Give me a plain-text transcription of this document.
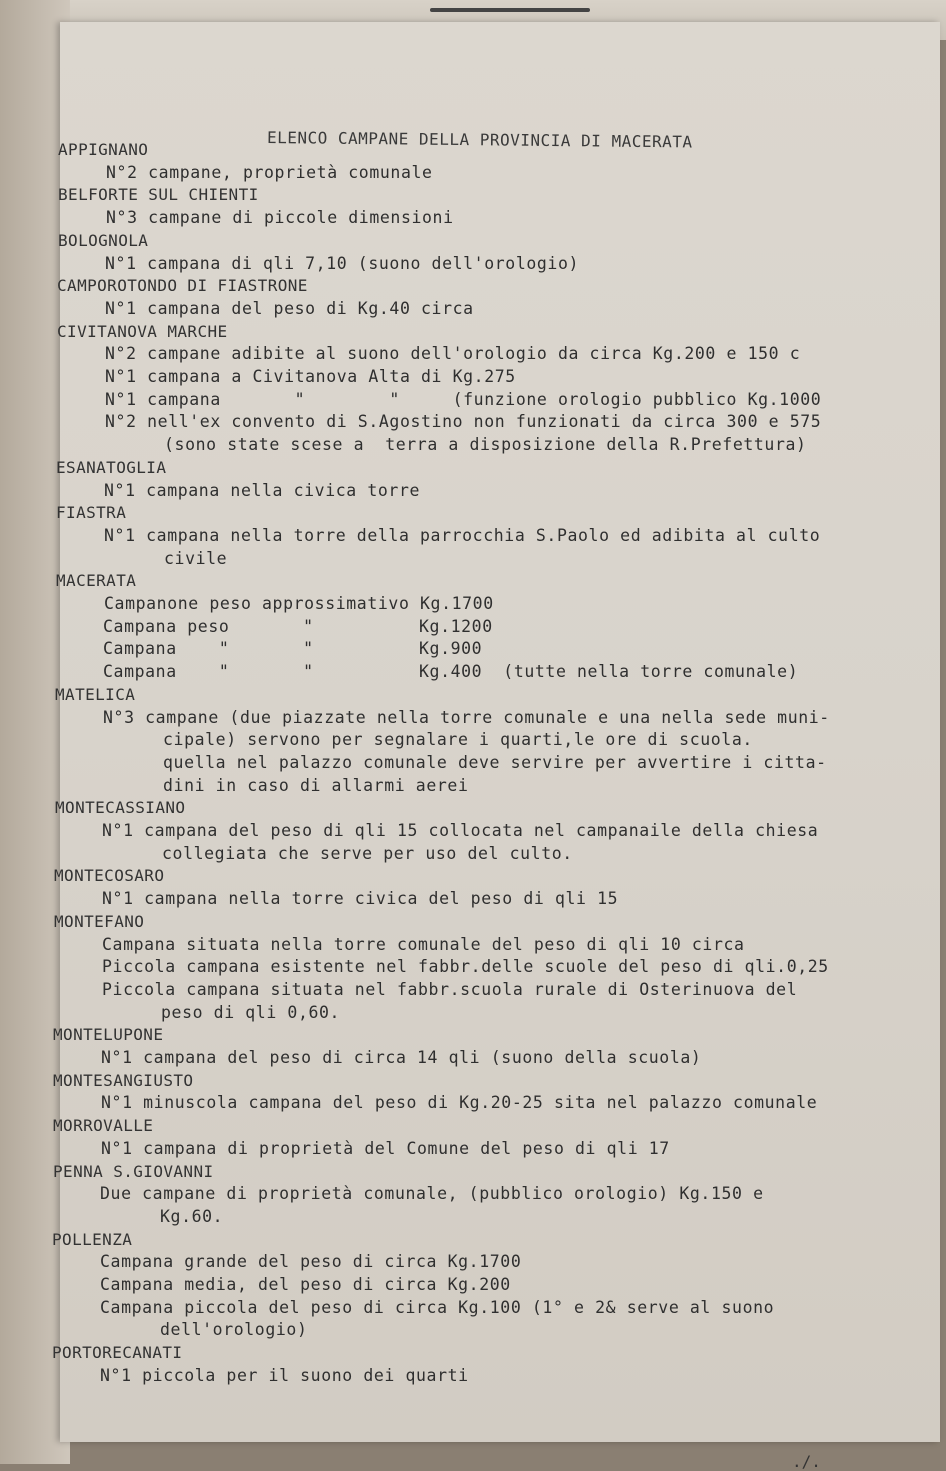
ELENCO CAMPANE DELLA PROVINCIA DI MACERATA
APPIGNANO
N°2 campane, proprietà comunale
BELFORTE SUL CHIENTI
N°3 campane di piccole dimensioni
BOLOGNOLA
N°1 campana di qli 7,10 (suono dell'orologio)
CAMPOROTONDO DI FIASTRONE
N°1 campana del peso di Kg.40 circa
CIVITANOVA MARCHE
N°2 campane adibite al suono dell'orologio da circa Kg.200 e 150 c
N°1 campana a Civitanova Alta di Kg.275
N°1 campana       "        "     (funzione orologio pubblico Kg.1000
N°2 nell'ex convento di S.Agostino non funzionati da circa 300 e 575
(sono state scese a  terra a disposizione della R.Prefettura)
ESANATOGLIA
N°1 campana nella civica torre
FIASTRA
N°1 campana nella torre della parrocchia S.Paolo ed adibita al culto
civile
MACERATA
Campanone peso approssimativo Kg.1700
Campana peso       "          Kg.1200
Campana    "       "          Kg.900
Campana    "       "          Kg.400  (tutte nella torre comunale)
MATELICA
N°3 campane (due piazzate nella torre comunale e una nella sede muni-
cipale) servono per segnalare i quarti,le ore di scuola.
quella nel palazzo comunale deve servire per avvertire i citta-
dini in caso di allarmi aerei
MONTECASSIANO
N°1 campana del peso di qli 15 collocata nel campanaile della chiesa
collegiata che serve per uso del culto.
MONTECOSARO
N°1 campana nella torre civica del peso di qli 15
MONTEFANO
Campana situata nella torre comunale del peso di qli 10 circa
Piccola campana esistente nel fabbr.delle scuole del peso di qli.0,25
Piccola campana situata nel fabbr.scuola rurale di Osterinuova del
peso di qli 0,60.
MONTELUPONE
N°1 campana del peso di circa 14 qli (suono della scuola)
MONTESANGIUSTO
N°1 minuscola campana del peso di Kg.20-25 sita nel palazzo comunale
MORROVALLE
N°1 campana di proprietà del Comune del peso di qli 17
PENNA S.GIOVANNI
Due campane di proprietà comunale, (pubblico orologio) Kg.150 e
Kg.60.
POLLENZA
Campana grande del peso di circa Kg.1700
Campana media, del peso di circa Kg.200
Campana piccola del peso di circa Kg.100 (1° e 2& serve al suono
dell'orologio)
PORTORECANATI
N°1 piccola per il suono dei quarti
./.
